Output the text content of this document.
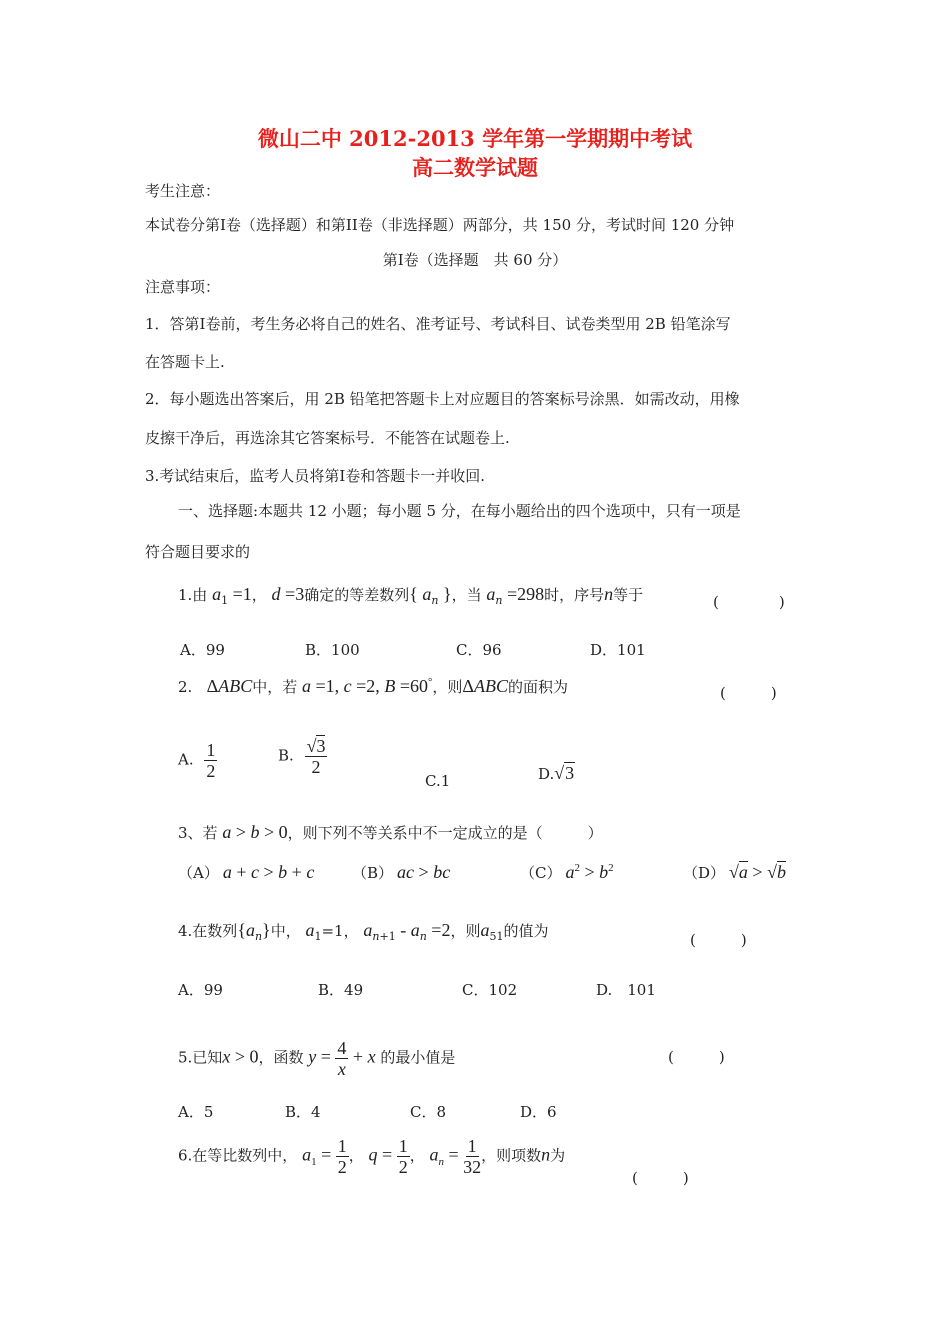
微山二中 2012-2013 学年第一学期期中考试
高二数学试题
考生注意：
本试卷分第Ⅰ卷（选择题）和第II卷（非选择题）两部分，共 150 分，考试时间 120 分钟
第Ⅰ卷（选择题　共 60 分）
注意事项：
1．答第Ⅰ卷前，考生务必将自己的姓名、准考证号、考试科目、试卷类型用 2B 铅笔涂写
在答题卡上.
2．每小题选出答案后，用 2B 铅笔把答题卡上对应题目的答案标号涂黑．如需改动，用橡
皮擦干净后，再选涂其它答案标号．不能答在试题卷上.
3.考试结束后，监考人员将第Ⅰ卷和答题卡一并收回.
一、选择题:本题共 12 小题；每小题 5 分，在每小题给出的四个选项中，只有一项是
符合题目要求的
1.由 $a_1 =1$， d =3确定的等差数列{ $a_n$ }，当 $a_n =298$时，序号n等于	(　　　　)
A．99	B．100	C．96	D．101
2. ΔABC中，若 a =1, c =2, B =60°，则ΔABC的面积为	(　　　)
A. $\frac{1}{2}$	B. $\frac{√3}{2}$
C.1	D.√3
3、若 a > b > 0，则下列不等关系中不一定成立的是（　　　）
（A） a + c > b + c	（B） ac > bc	（C） $a^2 > b^2$	（D） √a > √b
4.在数列$\{a_n\}$中， $a_1=1$， $a_{n+1} - a_n =2$，则$a_{51}$的值为	(　　　)
A．99	B．49	C．102	D.　101
5.已知x > 0，函数 $y = \frac{4}{x} + x$ 的最小值是	(　　　)
A．5	B．4	C．8	D．6
6.在等比数列中， $a_1 = \frac{1}{2}$ ， $q = \frac{1}{2}$ ， $a_n = \frac{1}{32}$ ，则项数n为
(　　　)
